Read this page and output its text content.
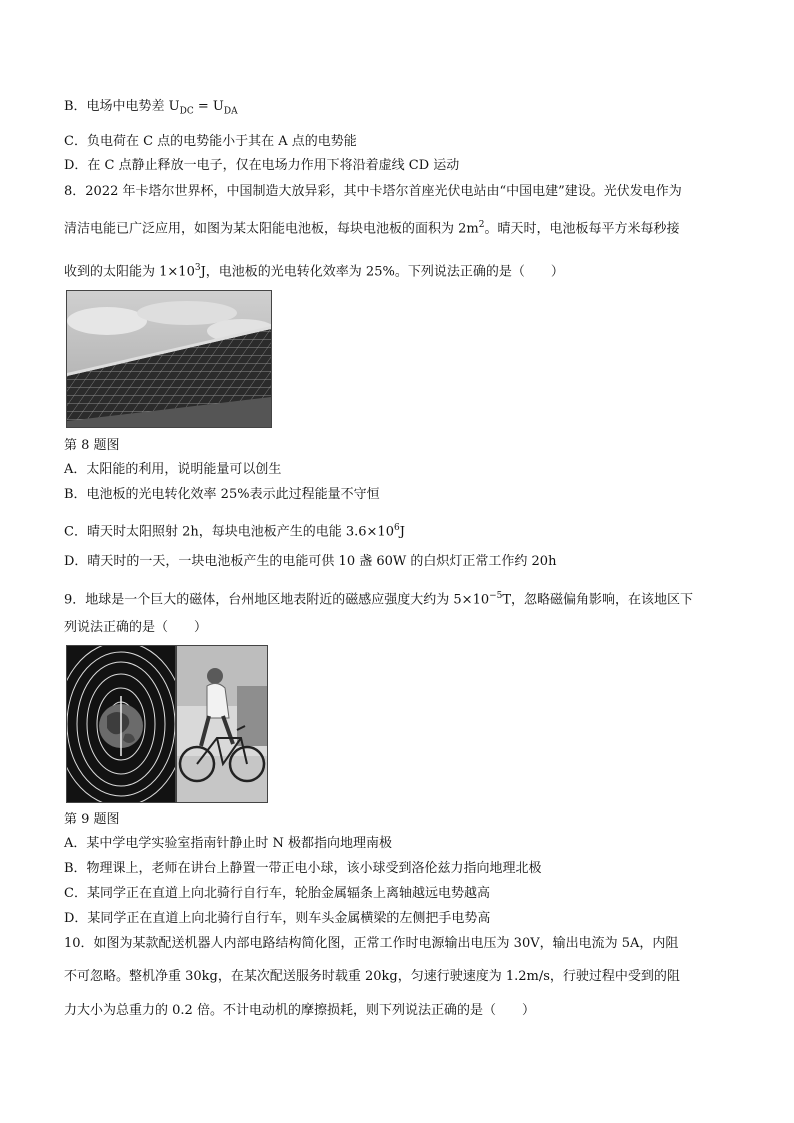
B．电场中电势差 $U_{DC} = U_{DA}$
C．负电荷在 C 点的电势能小于其在 A 点的电势能
D．在 C 点静止释放一电子，仅在电场力作用下将沿着虚线 CD 运动
8．2022 年卡塔尔世界杯，中国制造大放异彩，其中卡塔尔首座光伏电站由“中国电建”建设。光伏发电作为
清洁电能已广泛应用，如图为某太阳能电池板，每块电池板的面积为 $2m^2$。晴天时，电池板每平方米每秒接
收到的太阳能为 $1\times 10^3J$，电池板的光电转化效率为 25%。下列说法正确的是（　　）
第 8 题图
A．太阳能的利用，说明能量可以创生
B．电池板的光电转化效率 25%表示此过程能量不守恒
C．晴天时太阳照射 2h，每块电池板产生的电能 $3.6\times 10^6J$
D．晴天时的一天，一块电池板产生的电能可供 10 盏 60W 的白炽灯正常工作约 20h
9．地球是一个巨大的磁体，台州地区地表附近的磁感应强度大约为 $5\times 10^{-5}T$，忽略磁偏角影响，在该地区下
列说法正确的是（　　）
第 9 题图
A．某中学电学实验室指南针静止时 N 极都指向地理南极
B．物理课上，老师在讲台上静置一带正电小球，该小球受到洛伦兹力指向地理北极
C．某同学正在直道上向北骑行自行车，轮胎金属辐条上离轴越远电势越高
D．某同学正在直道上向北骑行自行车，则车头金属横梁的左侧把手电势高
10．如图为某款配送机器人内部电路结构简化图，正常工作时电源输出电压为 30V，输出电流为 5A，内阻
不可忽略。整机净重 30kg，在某次配送服务时载重 20kg，匀速行驶速度为 1.2m/s，行驶过程中受到的阻
力大小为总重力的 0.2 倍。不计电动机的摩擦损耗，则下列说法正确的是（　　）
